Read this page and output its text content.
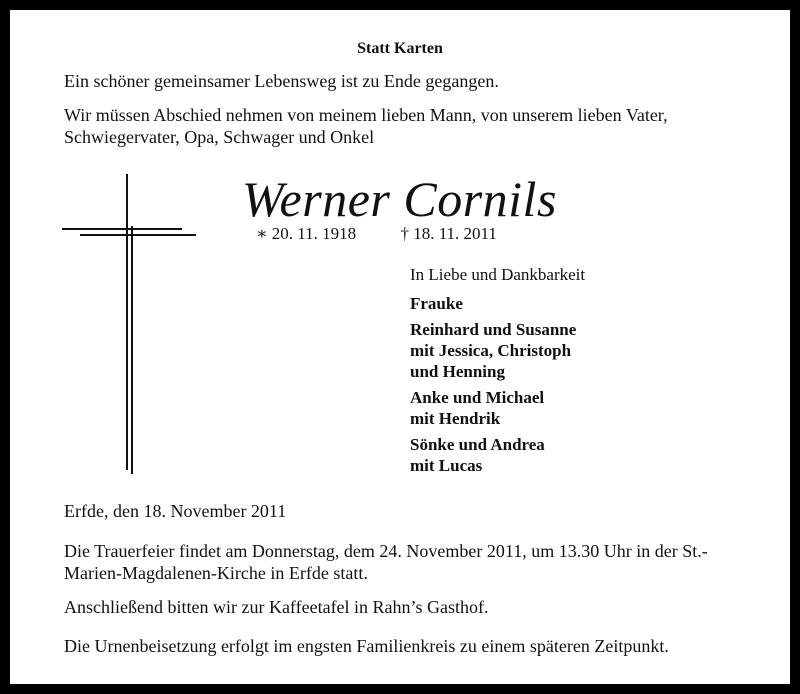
Statt Karten
Ein schöner gemeinsamer Lebensweg ist zu Ende gegangen.
Wir müssen Abschied nehmen von meinem lieben Mann, von unserem lieben Vater, Schwiegervater, Opa, Schwager und Onkel
Werner Cornils
∗ 20. 11. 1918	† 18. 11. 2011
In Liebe und Dankbarkeit
Frauke
Reinhard und Susanne
mit Jessica, Christoph
und Henning
Anke und Michael
mit Hendrik
Sönke und Andrea
mit Lucas
Erfde, den 18. November 2011
Die Trauerfeier findet am Donnerstag, dem 24. November 2011, um 13.30 Uhr in der St.-Marien-Magdalenen-Kirche in Erfde statt.
Anschließend bitten wir zur Kaffeetafel in Rahn’s Gasthof.
Die Urnenbeisetzung erfolgt im engsten Familienkreis zu einem späteren Zeitpunkt.
